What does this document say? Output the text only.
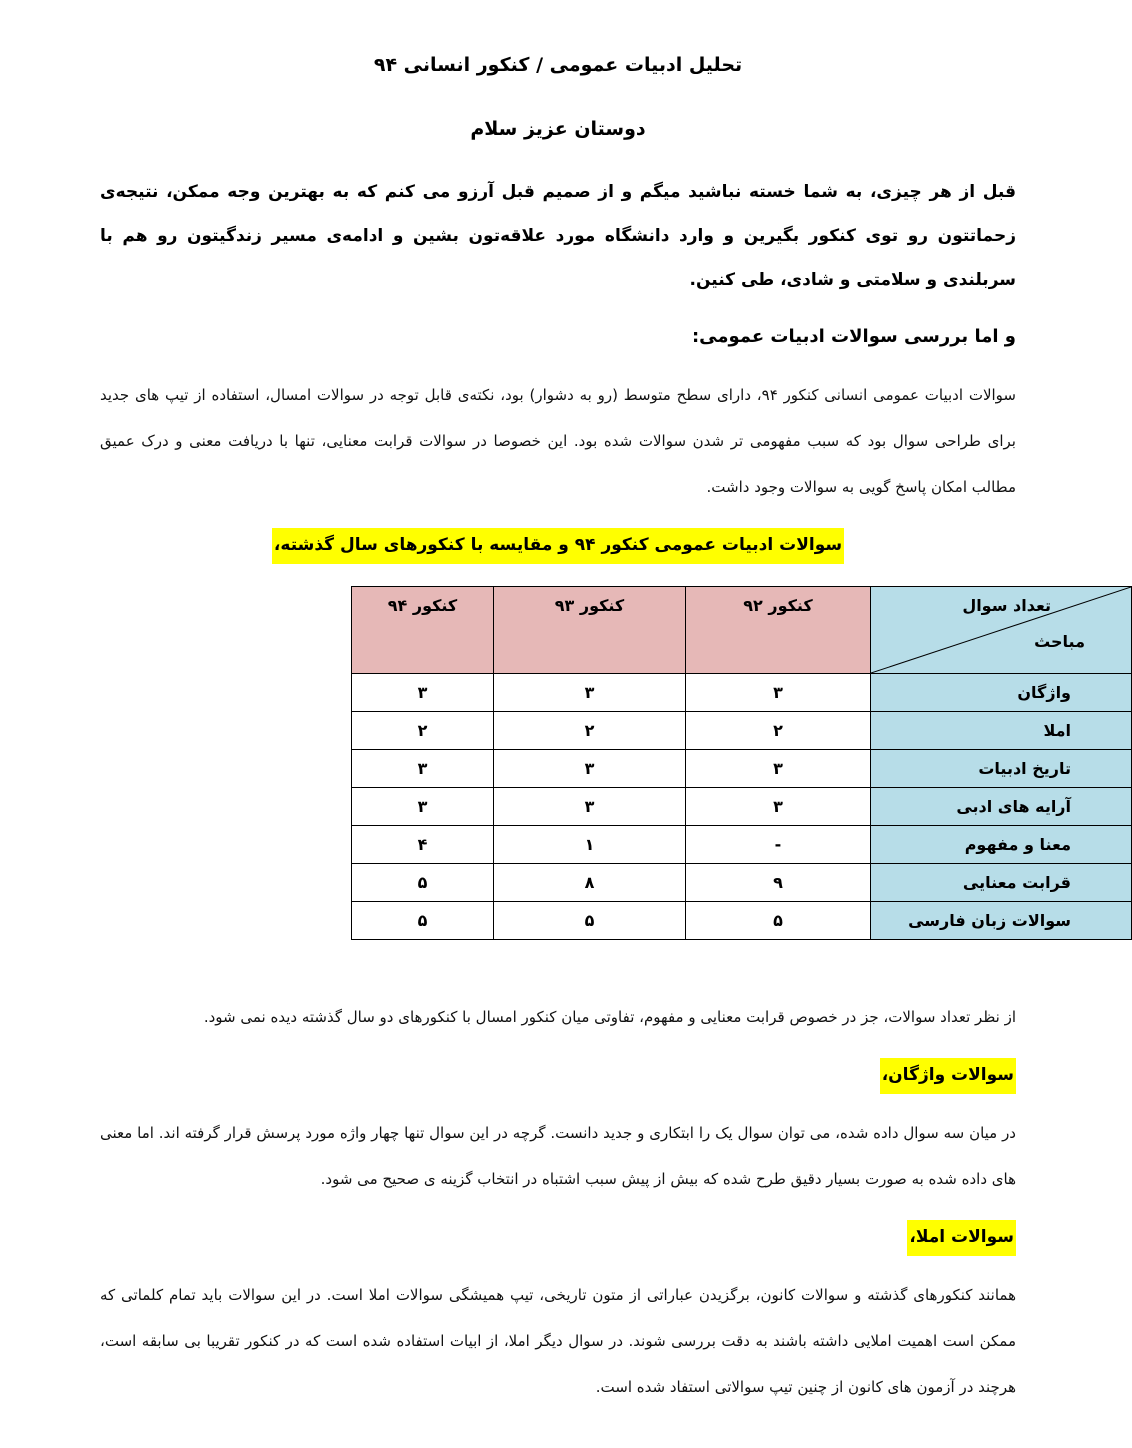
تحلیل ادبیات عمومی / کنکور انسانی ۹۴
دوستان عزیز سلام
قبل از هر چیزی، به شما خسته نباشید میگم و از صمیم قبل آرزو می کنم که به بهترین وجه ممکن، نتیجه‌ی زحماتتون رو توی کنکور بگیرین و وارد دانشگاه مورد علاقه‌تون بشین و ادامه‌ی مسیر زندگیتون رو هم با سربلندی و سلامتی و شادی، طی کنین.
و اما بررسی سوالات ادبیات عمومی:
سوالات ادبیات عمومی انسانی کنکور ۹۴، دارای سطح متوسط (رو به دشوار) بود، نکته‌ی قابل توجه در سوالات امسال، استفاده از تیپ های جدید برای طراحی سوال بود که سبب مفهومی تر شدن سوالات شده بود. این خصوصا در سوالات قرابت معنایی، تنها با دریافت معنی و درک عمیق مطالب امکان پاسخ گویی به سوالات وجود داشت.
سوالات ادبیات عمومی کنکور ۹۴ و مقایسه با کنکورهای سال گذشته،
تعداد سوال
مباحث	کنکور ۹۲	کنکور ۹۳	کنکور ۹۴
واژگان	۳	۳	۳
املا	۲	۲	۲
تاریخ ادبیات	۳	۳	۳
آرایه های ادبی	۳	۳	۳
معنا و مفهوم	-	۱	۴
قرابت معنایی	۹	۸	۵
سوالات زبان فارسی	۵	۵	۵
از نظر تعداد سوالات، جز در خصوص قرابت معنایی و مفهوم، تفاوتی میان کنکور امسال با کنکورهای دو سال گذشته دیده نمی شود.
سوالات واژگان،
در میان سه سوال داده شده، می توان سوال یک را ابتکاری و جدید دانست. گرچه در این سوال تنها چهار واژه مورد پرسش قرار گرفته اند. اما معنی های داده شده به صورت بسیار دقیق طرح شده که بیش از پیش سبب اشتباه در انتخاب گزینه ی صحیح می شود.
سوالات املا،
همانند کنکورهای گذشته و سوالات کانون، برگزیدن عباراتی از متون تاریخی، تیپ همیشگی سوالات املا است. در این سوالات باید تمام کلماتی که ممکن است اهمیت املایی داشته باشند به دقت بررسی شوند. در سوال دیگر املا، از ابیات استفاده شده است که در کنکور تقریبا بی سابقه است، هرچند در آزمون های کانون از چنین تیپ سوالاتی استفاد شده است.
